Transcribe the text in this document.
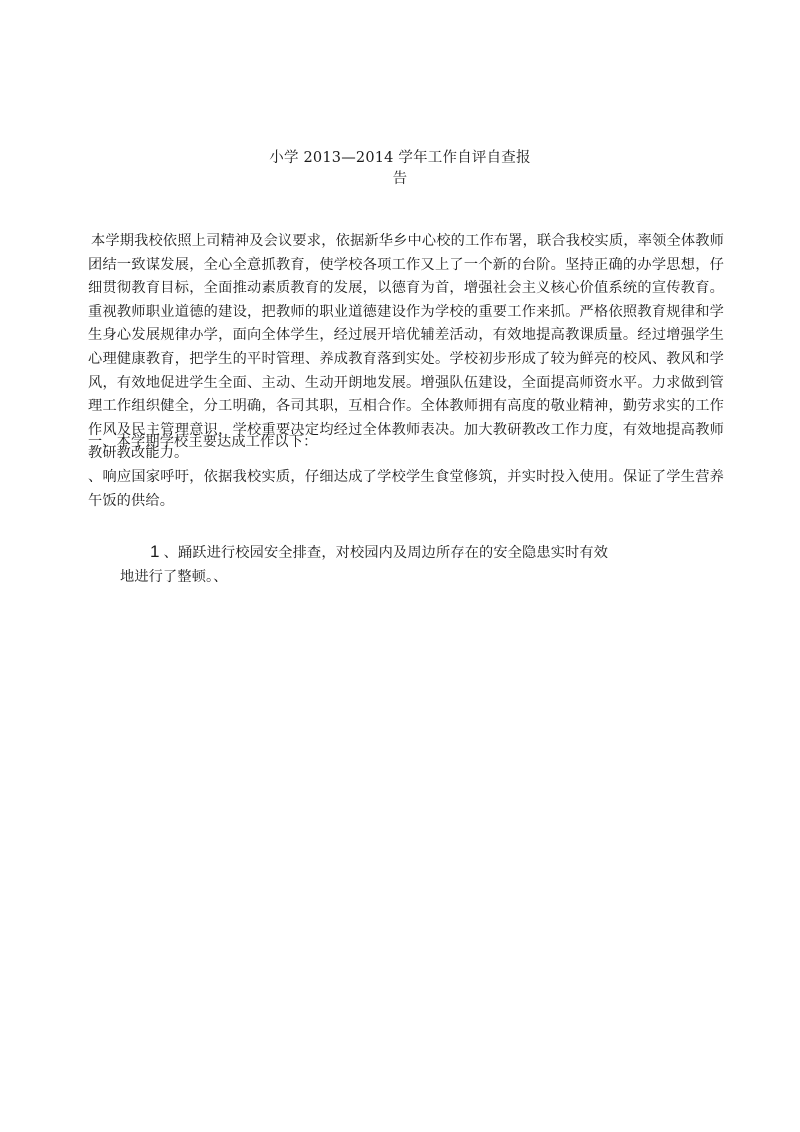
小学 2013—2014 学年工作自评自查报
告

本学期我校依照上司精神及会议要求，依据新华乡中心校的工作布署，联合我校实质，率领全体教师团结一致谋发展，全心全意抓教育，使学校各项工作又上了一个新的台阶。坚持正确的办学思想，仔细贯彻教育目标，全面推动素质教育的发展，以德育为首，增强社会主义核心价值系统的宣传教育。重视教师职业道德的建设，把教师的职业道德建设作为学校的重要工作来抓。严格依照教育规律和学生身心发展规律办学，面向全体学生，经过展开培优辅差活动，有效地提高教课质量。经过增强学生心理健康教育，把学生的平时管理、养成教育落到实处。学校初步形成了较为鲜亮的校风、教风和学风，有效地促进学生全面、主动、生动开朗地发展。增强队伍建设，全面提高师资水平。力求做到管理工作组织健全，分工明确，各司其职，互相合作。全体教师拥有高度的敬业精神，勤劳求实的工作作风及民主管理意识，学校重要决定均经过全体教师表决。加大教研教改工作力度，有效地提高教师教研教改能力。

一、本学期学校主要达成工作以下：

、响应国家呼吁，依据我校实质，仔细达成了学校学生食堂修筑，并实时投入使用。保证了学生营养午饭的供给。

1 、踊跃进行校园安全排查，对校园内及周边所存在的安全隐患实时有效
地进行了整顿。、
